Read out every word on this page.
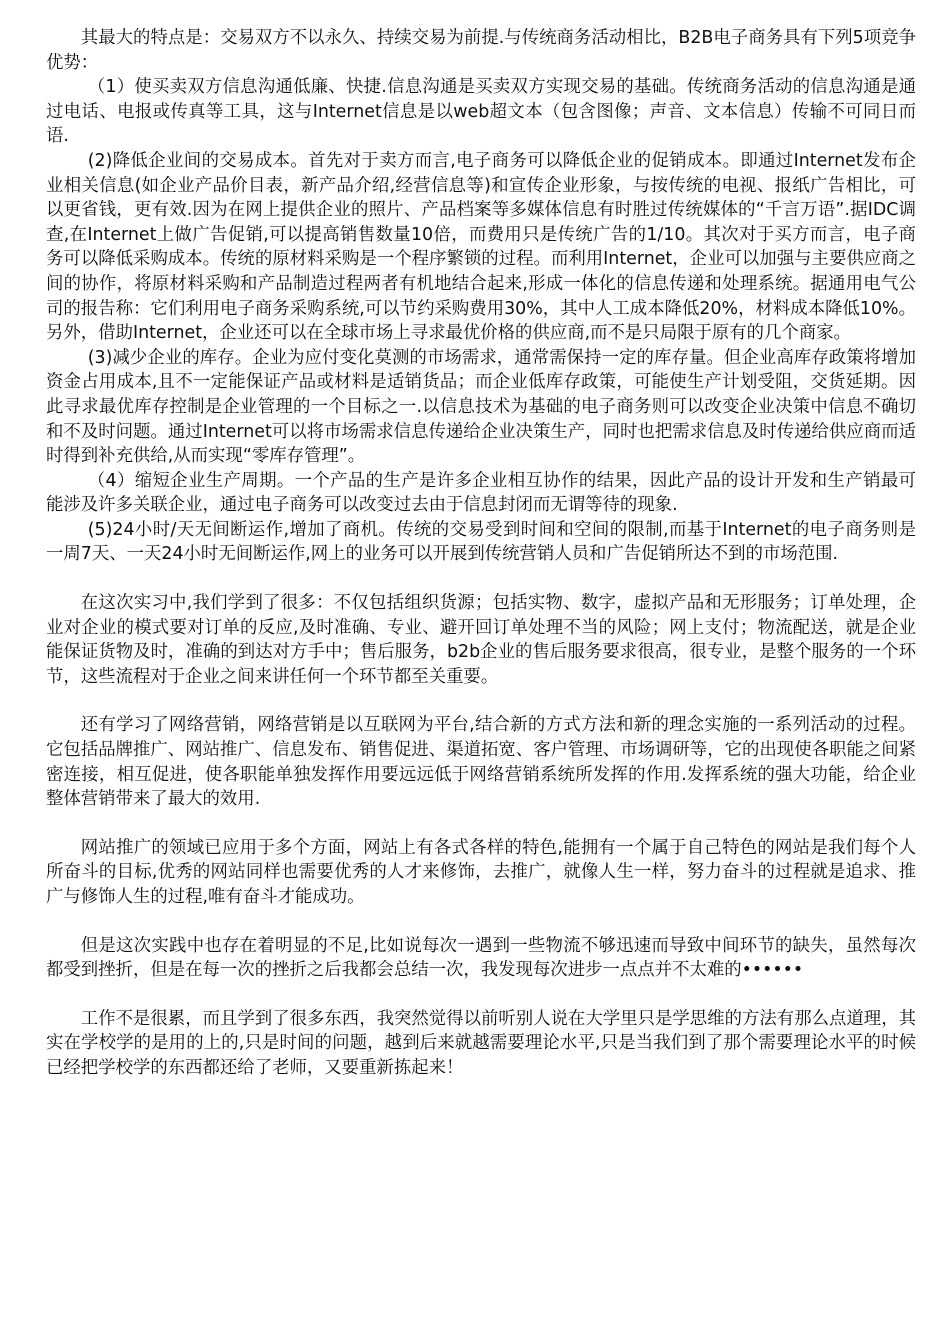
其最大的特点是：交易双方不以永久、持续交易为前提.与传统商务活动相比，B2B电子商务具有下列5项竞争优势：

（1）使买卖双方信息沟通低廉、快捷.信息沟通是买卖双方实现交易的基础。传统商务活动的信息沟通是通过电话、电报或传真等工具，这与Internet信息是以web超文本（包含图像；声音、文本信息）传输不可同日而语.

(2)降低企业间的交易成本。首先对于卖方而言,电子商务可以降低企业的促销成本。即通过Internet发布企业相关信息(如企业产品价目表，新产品介绍,经营信息等)和宣传企业形象，与按传统的电视、报纸广告相比，可以更省钱，更有效.因为在网上提供企业的照片、产品档案等多媒体信息有时胜过传统媒体的“千言万语”.据IDC调查,在Internet上做广告促销,可以提高销售数量10倍，而费用只是传统广告的1/10。其次对于买方而言，电子商务可以降低采购成本。传统的原材料采购是一个程序繁锁的过程。而利用Internet，企业可以加强与主要供应商之间的协作，将原材料采购和产品制造过程两者有机地结合起来,形成一体化的信息传递和处理系统。据通用电气公司的报告称：它们利用电子商务采购系统,可以节约采购费用30%，其中人工成本降低20%，材料成本降低10%。另外，借助Internet，企业还可以在全球市场上寻求最优价格的供应商,而不是只局限于原有的几个商家。

(3)减少企业的库存。企业为应付变化莫测的市场需求，通常需保持一定的库存量。但企业高库存政策将增加资金占用成本,且不一定能保证产品或材料是适销货品；而企业低库存政策，可能使生产计划受阻，交货延期。因此寻求最优库存控制是企业管理的一个目标之一.以信息技术为基础的电子商务则可以改变企业决策中信息不确切和不及时问题。通过Internet可以将市场需求信息传递给企业决策生产，同时也把需求信息及时传递给供应商而适时得到补充供给,从而实现“零库存管理”。

（4）缩短企业生产周期。一个产品的生产是许多企业相互协作的结果，因此产品的设计开发和生产销最可能涉及许多关联企业，通过电子商务可以改变过去由于信息封闭而无谓等待的现象.

(5)24小时/天无间断运作,增加了商机。传统的交易受到时间和空间的限制,而基于Internet的电子商务则是一周7天、一天24小时无间断运作,网上的业务可以开展到传统营销人员和广告促销所达不到的市场范围.

在这次实习中,我们学到了很多：不仅包括组织货源；包括实物、数字，虚拟产品和无形服务；订单处理，企业对企业的模式要对订单的反应,及时准确、专业、避开回订单处理不当的风险；网上支付；物流配送，就是企业能保证货物及时，准确的到达对方手中；售后服务，b2b企业的售后服务要求很高，很专业，是整个服务的一个环节，这些流程对于企业之间来讲任何一个环节都至关重要。

还有学习了网络营销，网络营销是以互联网为平台,结合新的方式方法和新的理念实施的一系列活动的过程。它包括品牌推广、网站推广、信息发布、销售促进、渠道拓宽、客户管理、市场调研等，它的出现使各职能之间紧密连接，相互促进，使各职能单独发挥作用要远远低于网络营销系统所发挥的作用.发挥系统的强大功能，给企业整体营销带来了最大的效用.

网站推广的领域已应用于多个方面，网站上有各式各样的特色,能拥有一个属于自己特色的网站是我们每个人所奋斗的目标,优秀的网站同样也需要优秀的人才来修饰，去推广，就像人生一样，努力奋斗的过程就是追求、推广与修饰人生的过程,唯有奋斗才能成功。

但是这次实践中也存在着明显的不足,比如说每次一遇到一些物流不够迅速而导致中间环节的缺失，虽然每次都受到挫折，但是在每一次的挫折之后我都会总结一次，我发现每次进步一点点并不太难的••••••

工作不是很累，而且学到了很多东西，我突然觉得以前听别人说在大学里只是学思维的方法有那么点道理，其实在学校学的是用的上的,只是时间的问题，越到后来就越需要理论水平,只是当我们到了那个需要理论水平的时候已经把学校学的东西都还给了老师，又要重新拣起来！
